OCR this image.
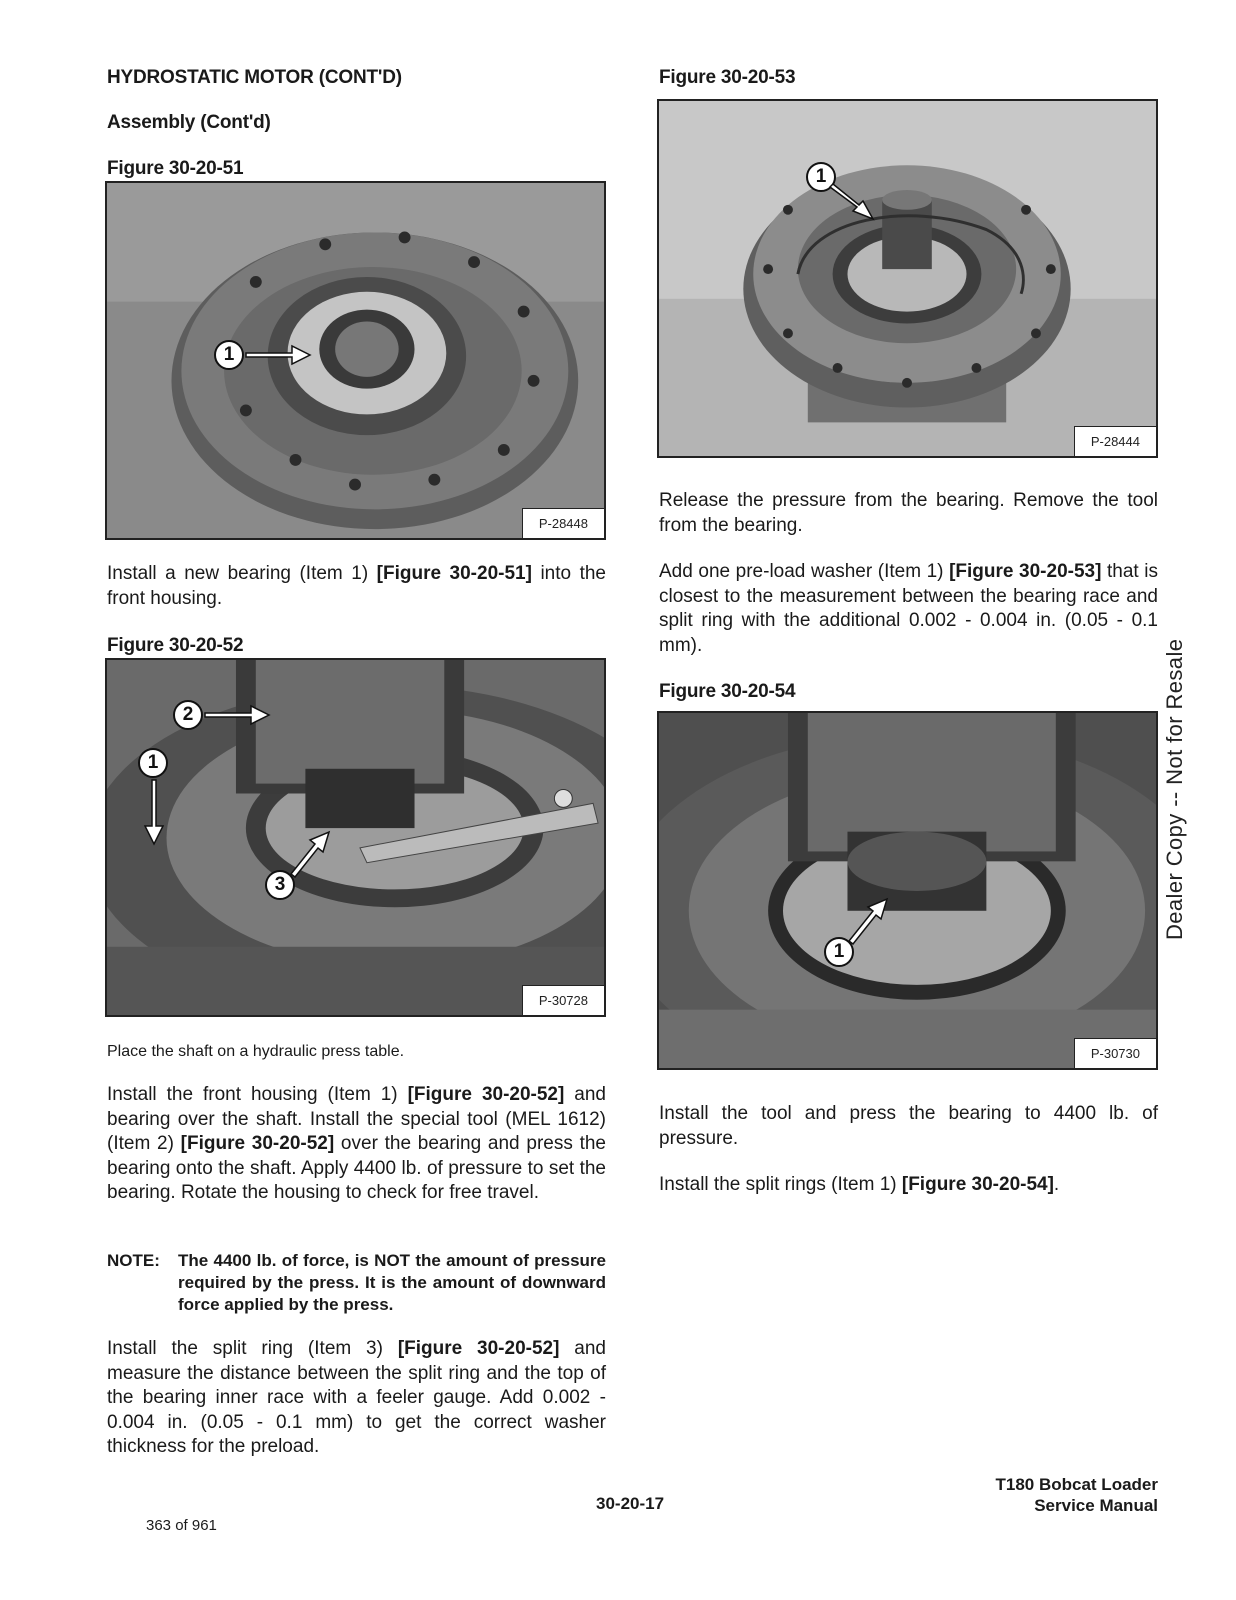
HYDROSTATIC MOTOR (CONT'D)
Assembly (Cont'd)
Figure 30-20-51
1
P-28448
Install a new bearing (Item 1) [Figure 30-20-51] into the front housing.
Figure 30-20-52
2
1
3
P-30728
Place the shaft on a hydraulic press table.
Install the front housing (Item 1) [Figure 30-20-52] and bearing over the shaft. Install the special tool (MEL 1612) (Item 2) [Figure 30-20-52] over the bearing and press the bearing onto the shaft. Apply 4400 lb. of pressure to set the bearing. Rotate the housing to check for free travel.
NOTE: The 4400 lb. of force, is NOT the amount of pressure required by the press. It is the amount of downward force applied by the press.
Install the split ring (Item 3) [Figure 30-20-52] and measure the distance between the split ring and the top of the bearing inner race with a feeler gauge. Add 0.002 - 0.004 in. (0.05 - 0.1 mm) to get the correct washer thickness for the preload.
Figure 30-20-53
1
P-28444
Release the pressure from the bearing. Remove the tool from the bearing.
Add one pre-load washer (Item 1) [Figure 30-20-53] that is closest to the measurement between the bearing race and split ring with the additional 0.002 - 0.004 in. (0.05 - 0.1 mm).
Figure 30-20-54
1
P-30730
Install the tool and press the bearing to 4400 lb. of pressure.
Install the split rings (Item 1) [Figure 30-20-54].
Dealer Copy -- Not for Resale
30-20-17
T180 Bobcat Loader
Service Manual
363 of 961
